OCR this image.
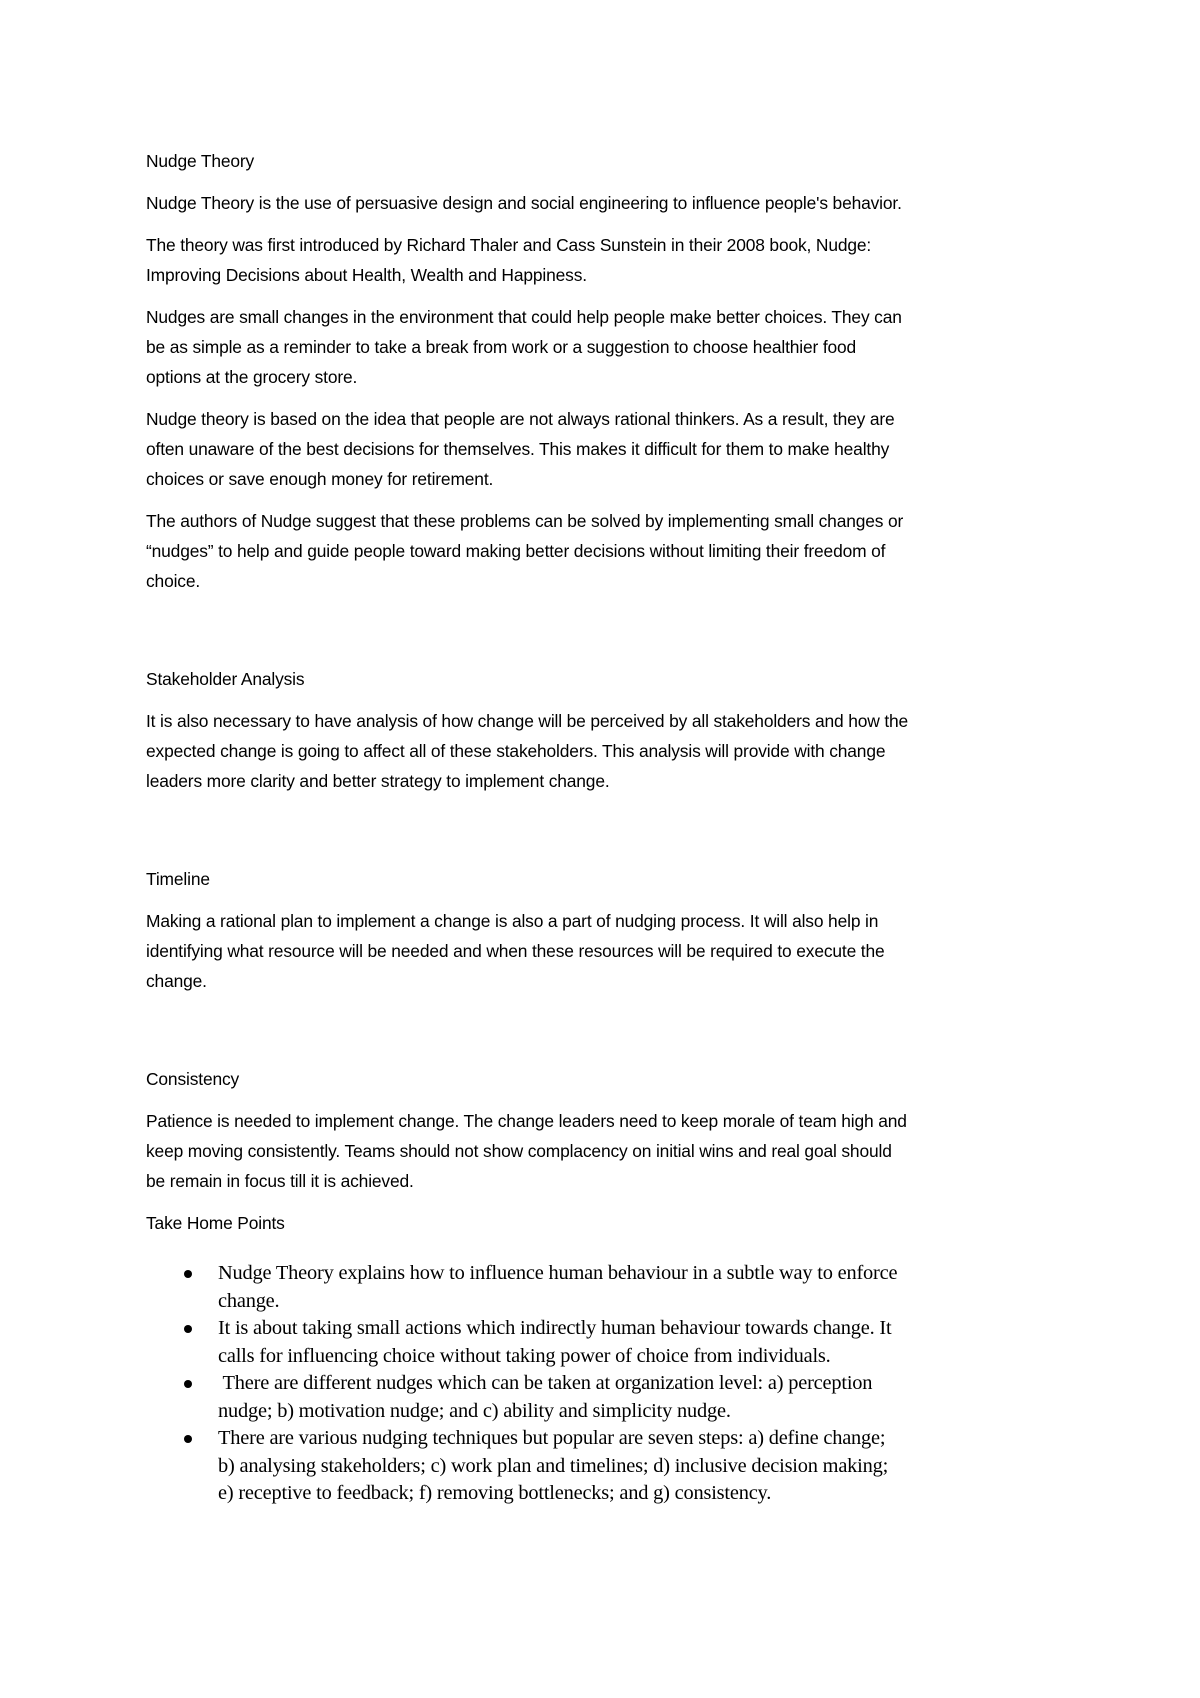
Nudge Theory
Nudge Theory is the use of persuasive design and social engineering to influence people's behavior.
The theory was first introduced by Richard Thaler and Cass Sunstein in their 2008 book, Nudge:
Improving Decisions about Health, Wealth and Happiness.
Nudges are small changes in the environment that could help people make better choices. They can
be as simple as a reminder to take a break from work or a suggestion to choose healthier food
options at the grocery store.
Nudge theory is based on the idea that people are not always rational thinkers. As a result, they are
often unaware of the best decisions for themselves. This makes it difficult for them to make healthy
choices or save enough money for retirement.
The authors of Nudge suggest that these problems can be solved by implementing small changes or
“nudges” to help and guide people toward making better decisions without limiting their freedom of
choice.
Stakeholder Analysis
It is also necessary to have analysis of how change will be perceived by all stakeholders and how the
expected change is going to affect all of these stakeholders. This analysis will provide with change
leaders more clarity and better strategy to implement change.
Timeline
Making a rational plan to implement a change is also a part of nudging process. It will also help in
identifying what resource will be needed and when these resources will be required to execute the
change.
Consistency
Patience is needed to implement change. The change leaders need to keep morale of team high and
keep moving consistently. Teams should not show complacency on initial wins and real goal should
be remain in focus till it is achieved.
Take Home Points
Nudge Theory explains how to influence human behaviour in a subtle way to enforce
change.
It is about taking small actions which indirectly human behaviour towards change. It
calls for influencing choice without taking power of choice from individuals.
There are different nudges which can be taken at organization level: a) perception
nudge; b) motivation nudge; and c) ability and simplicity nudge.
There are various nudging techniques but popular are seven steps: a) define change;
b) analysing stakeholders; c) work plan and timelines; d) inclusive decision making;
e) receptive to feedback; f) removing bottlenecks; and g) consistency.
